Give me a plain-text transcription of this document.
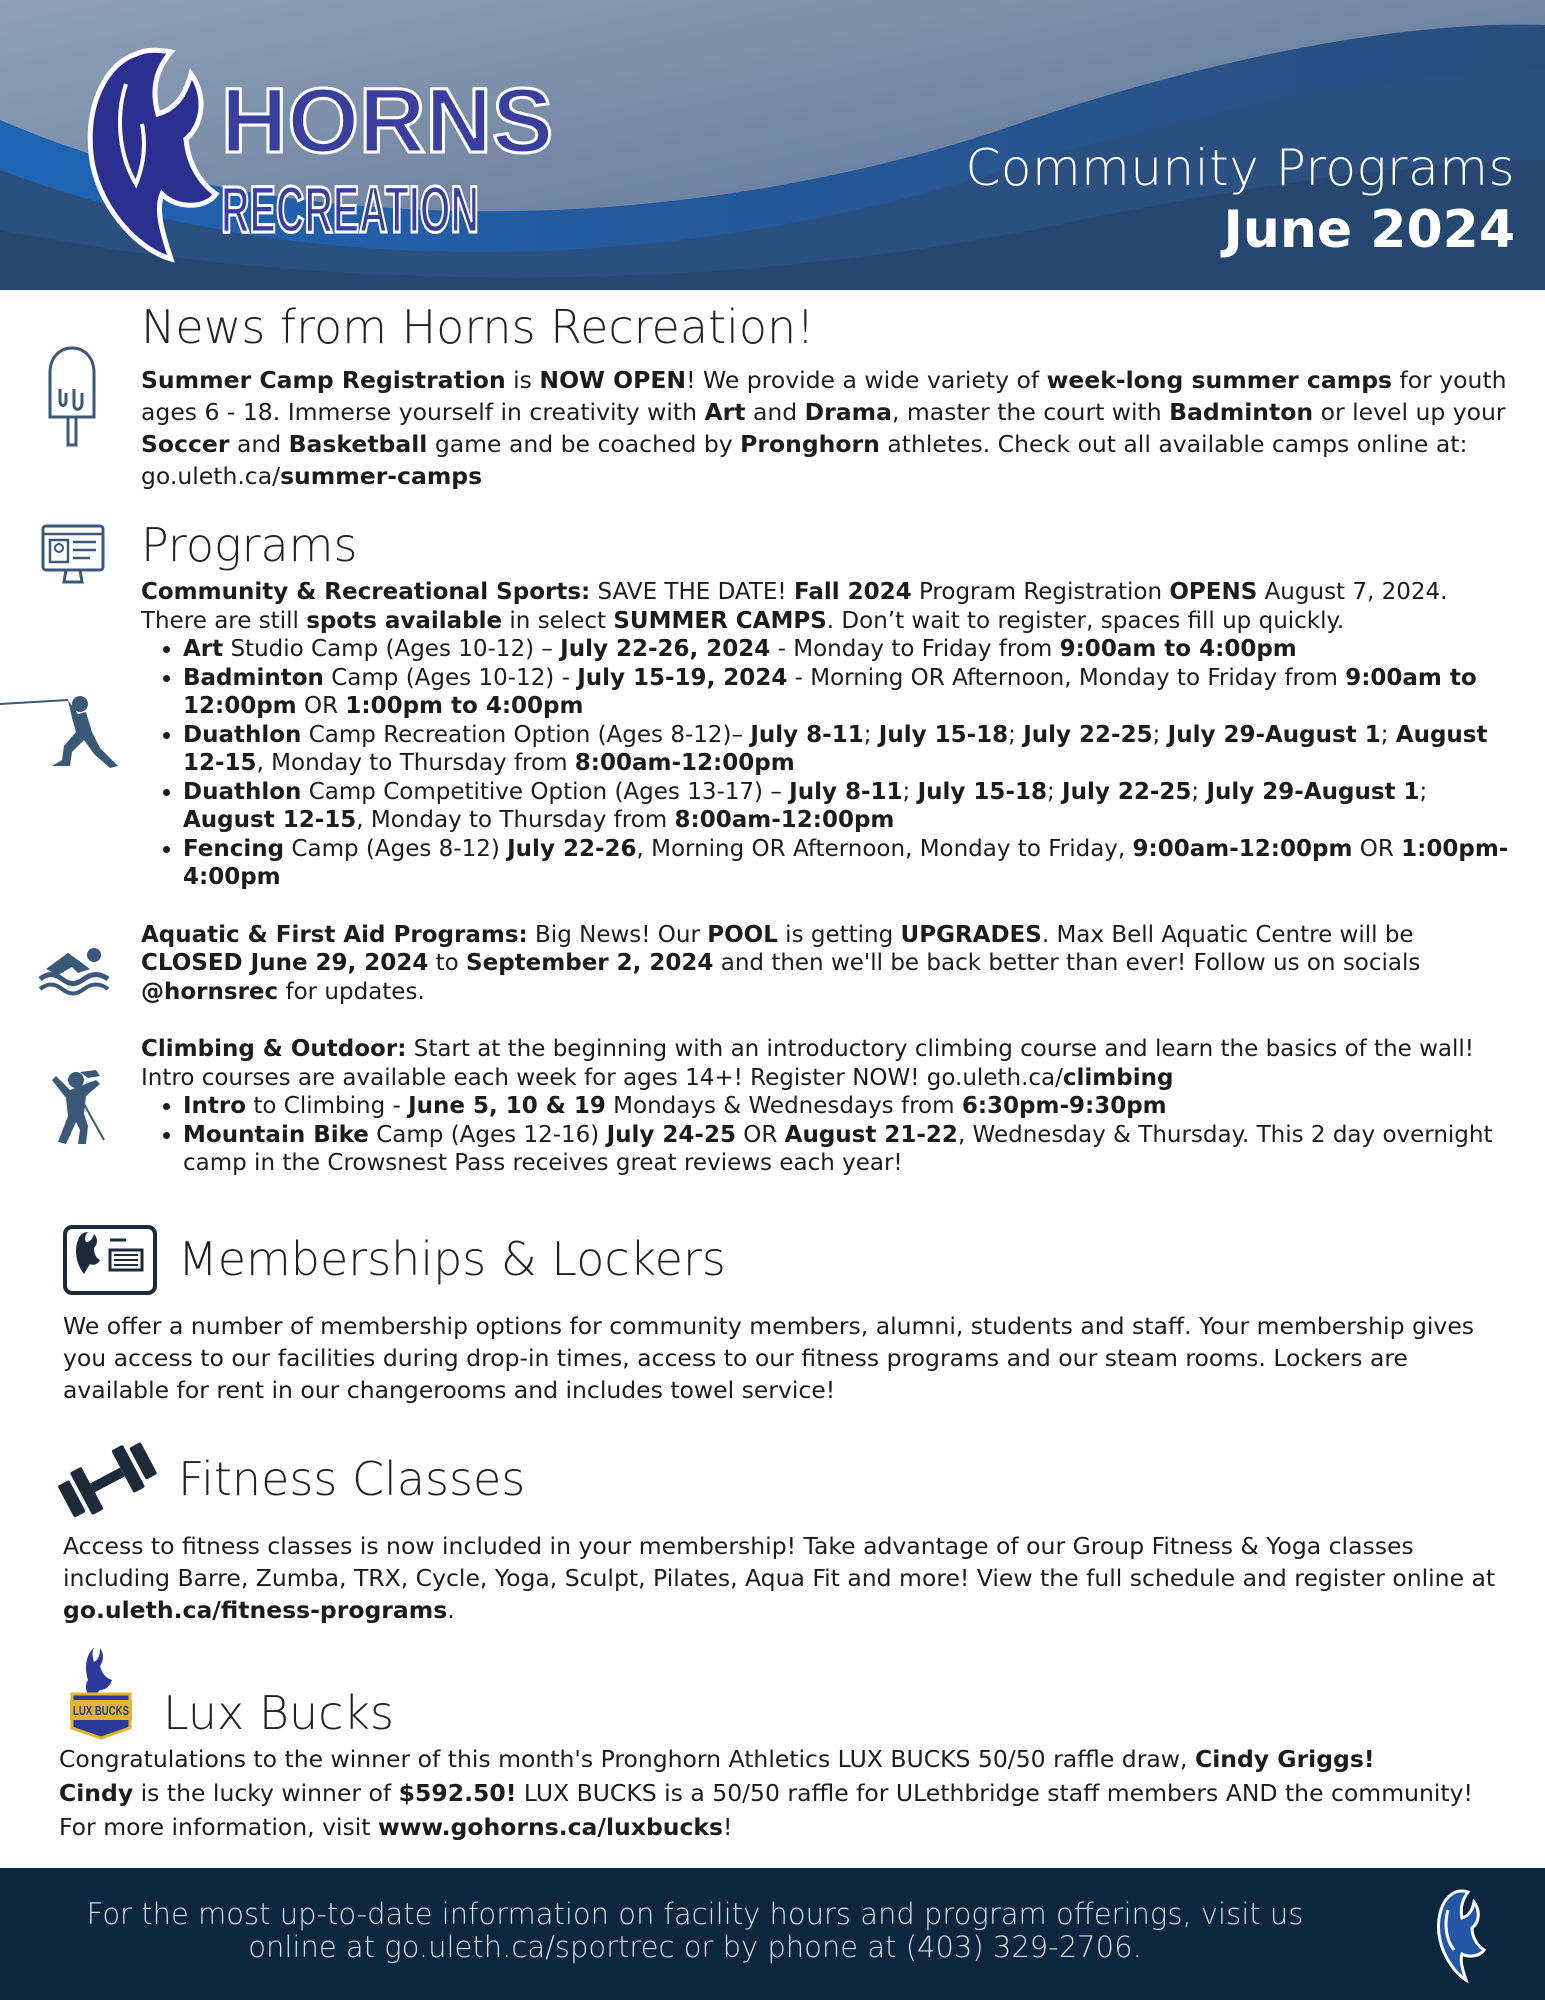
HORNS
RECREATION
Community Programs
June 2024
News from Horns Recreation!
Summer Camp Registration is NOW OPEN! We provide a wide variety of week-long summer camps for youth ages 6 - 18. Immerse yourself in creativity with Art and Drama, master the court with Badminton or level up your Soccer and Basketball game and be coached by Pronghorn athletes. Check out all available camps online at: go.uleth.ca/summer-camps
Programs
Community & Recreational Sports: SAVE THE DATE! Fall 2024 Program Registration OPENS August 7, 2024.
There are still spots available in select SUMMER CAMPS. Don’t wait to register, spaces fill up quickly.
• Art Studio Camp (Ages 10-12) – July 22-26, 2024 - Monday to Friday from 9:00am to 4:00pm
• Badminton Camp (Ages 10-12) - July 15-19, 2024 - Morning OR Afternoon, Monday to Friday from 9:00am to 12:00pm OR 1:00pm to 4:00pm
• Duathlon Camp Recreation Option (Ages 8-12)– July 8-11; July 15-18; July 22-25; July 29-August 1; August 12-15, Monday to Thursday from 8:00am-12:00pm
• Duathlon Camp Competitive Option (Ages 13-17) – July 8-11; July 15-18; July 22-25; July 29-August 1; August 12-15, Monday to Thursday from 8:00am-12:00pm
• Fencing Camp (Ages 8-12) July 22-26, Morning OR Afternoon, Monday to Friday, 9:00am-12:00pm OR 1:00pm-4:00pm
Aquatic & First Aid Programs: Big News! Our POOL is getting UPGRADES. Max Bell Aquatic Centre will be CLOSED June 29, 2024 to September 2, 2024 and then we'll be back better than ever! Follow us on socials @hornsrec for updates.
Climbing & Outdoor: Start at the beginning with an introductory climbing course and learn the basics of the wall! Intro courses are available each week for ages 14+! Register NOW! go.uleth.ca/climbing
• Intro to Climbing - June 5, 10 & 19 Mondays & Wednesdays from 6:30pm-9:30pm
• Mountain Bike Camp (Ages 12-16) July 24-25 OR August 21-22, Wednesday & Thursday. This 2 day overnight camp in the Crowsnest Pass receives great reviews each year!
Memberships & Lockers
We offer a number of membership options for community members, alumni, students and staff. Your membership gives you access to our facilities during drop-in times, access to our fitness programs and our steam rooms. Lockers are available for rent in our changerooms and includes towel service!
Fitness Classes
Access to fitness classes is now included in your membership! Take advantage of our Group Fitness & Yoga classes including Barre, Zumba, TRX, Cycle, Yoga, Sculpt, Pilates, Aqua Fit and more! View the full schedule and register online at go.uleth.ca/fitness-programs.
LUX BUCKS Lux Bucks
Congratulations to the winner of this month's Pronghorn Athletics LUX BUCKS 50/50 raffle draw, Cindy Griggs!
Cindy is the lucky winner of $592.50! LUX BUCKS is a 50/50 raffle for ULethbridge staff members AND the community!
For more information, visit www.gohorns.ca/luxbucks!
For the most up-to-date information on facility hours and program offerings, visit us
online at go.uleth.ca/sportrec or by phone at (403) 329-2706.
